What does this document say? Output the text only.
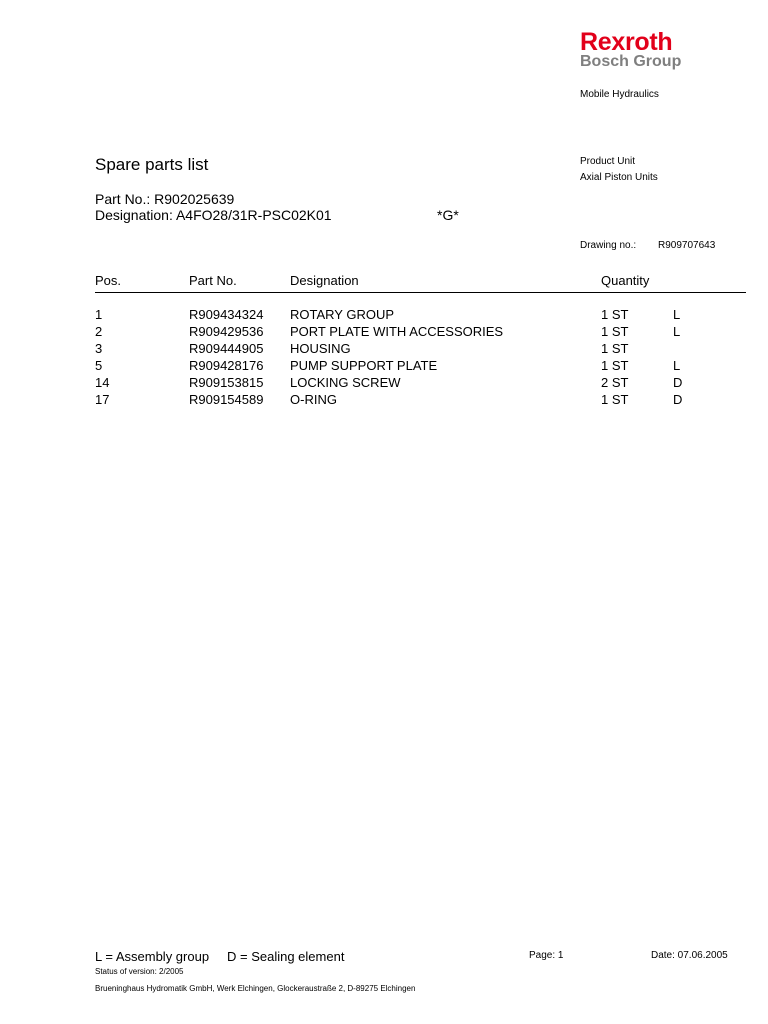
Rexroth
Bosch Group
Mobile Hydraulics
Spare parts list
Part No.: R902025639
Designation: A4FO28/31R-PSC02K01	*G*
Product Unit
Axial Piston Units
Drawing no.: R909707643
Pos.	Part No.	Designation	Quantity
1	R909434324 ROTARY GROUP	1 ST	L
2	R909429536 PORT PLATE WITH ACCESSORIES	1 ST	L
3	R909444905 HOUSING	1 ST
5	R909428176 PUMP SUPPORT PLATE	1 ST	L
14	R909153815 LOCKING SCREW	2 ST	D
17	R909154589 O-RING	1 ST	D
L = Assembly group D = Sealing element	Page: 1	Date: 07.06.2005
Status of version: 2/2005
Brueninghaus Hydromatik GmbH, Werk Elchingen, Glockeraustraße 2, D-89275 Elchingen
